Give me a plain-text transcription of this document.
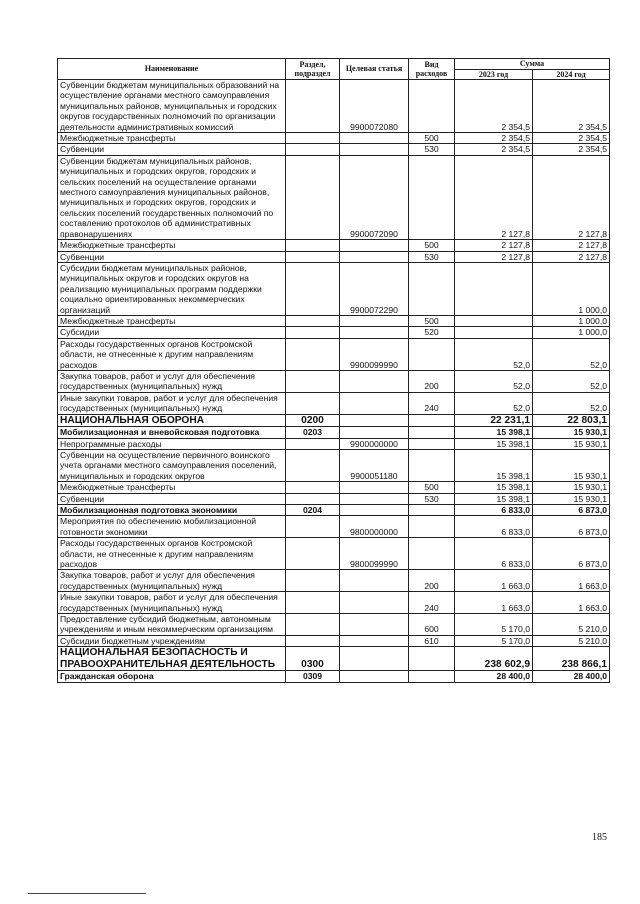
Наименование	Раздел, подраздел	Целевая статья	Вид расходов	Сумма	
				2023 год	2024 год
Субвенции бюджетам муниципальных образований на осуществление органами местного самоуправления муниципальных районов, муниципальных и городских округов государственных полномочий по организации деятельности административных комиссий		9900072080		2 354,5	2 354,5
Межбюджетные трансферты			500	2 354,5	2 354,5
Субвенции			530	2 354,5	2 354,5
Субвенции бюджетам муниципальных районов, муниципальных и городских округов, городских и сельских поселений на осуществление органами местного самоуправления муниципальных районов, муниципальных и городских округов, городских и сельских поселений государственных полномочий по составлению протоколов об административных правонарушениях		9900072090		2 127,8	2 127,8
Межбюджетные трансферты			500	2 127,8	2 127,8
Субвенции			530	2 127,8	2 127,8
Субсидии бюджетам муниципальных районов, муниципальных округов и городских округов на реализацию муниципальных программ поддержки социально ориентированных некоммерческих организаций		9900072290			1 000,0
Межбюджетные трансферты			500		1 000,0
Субсидии			520		1 000,0
Расходы государственных органов Костромской области, не отнесенные к другим направлениям расходов		9900099990		52,0	52,0
Закупка товаров, работ и услуг для обеспечения государственных (муниципальных) нужд			200	52,0	52,0
Иные закупки товаров, работ и услуг для обеспечения государственных (муниципальных) нужд			240	52,0	52,0
НАЦИОНАЛЬНАЯ ОБОРОНА	0200			22 231,1	22 803,1
Мобилизационная и вневойсковая подготовка	0203			15 398,1	15 930,1
Непрограммные расходы		9900000000		15 398,1	15 930,1
Субвенции на осуществление первичного воинского учета органами местного самоуправления поселений, муниципальных и городских округов		9900051180		15 398,1	15 930,1
Межбюджетные трансферты			500	15 398,1	15 930,1
Субвенции			530	15 398,1	15 930,1
Мобилизационная подготовка экономики	0204			6 833,0	6 873,0
Мероприятия по обеспечению мобилизационной готовности экономики		9800000000		6 833,0	6 873,0
Расходы государственных органов Костромской области, не отнесенные к другим направлениям расходов		9800099990		6 833,0	6 873,0
Закупка товаров, работ и услуг для обеспечения государственных (муниципальных) нужд			200	1 663,0	1 663,0
Иные закупки товаров, работ и услуг для обеспечения государственных (муниципальных) нужд			240	1 663,0	1 663,0
Предоставление субсидий бюджетным, автономным учреждениям и иным некоммерческим организациям			600	5 170,0	5 210,0
Субсидии бюджетным учреждениям			610	5 170,0	5 210,0
НАЦИОНАЛЬНАЯ БЕЗОПАСНОСТЬ И ПРАВООХРАНИТЕЛЬНАЯ ДЕЯТЕЛЬНОСТЬ	0300			238 602,9	238 866,1
Гражданская оборона	0309			28 400,0	28 400,0
185
